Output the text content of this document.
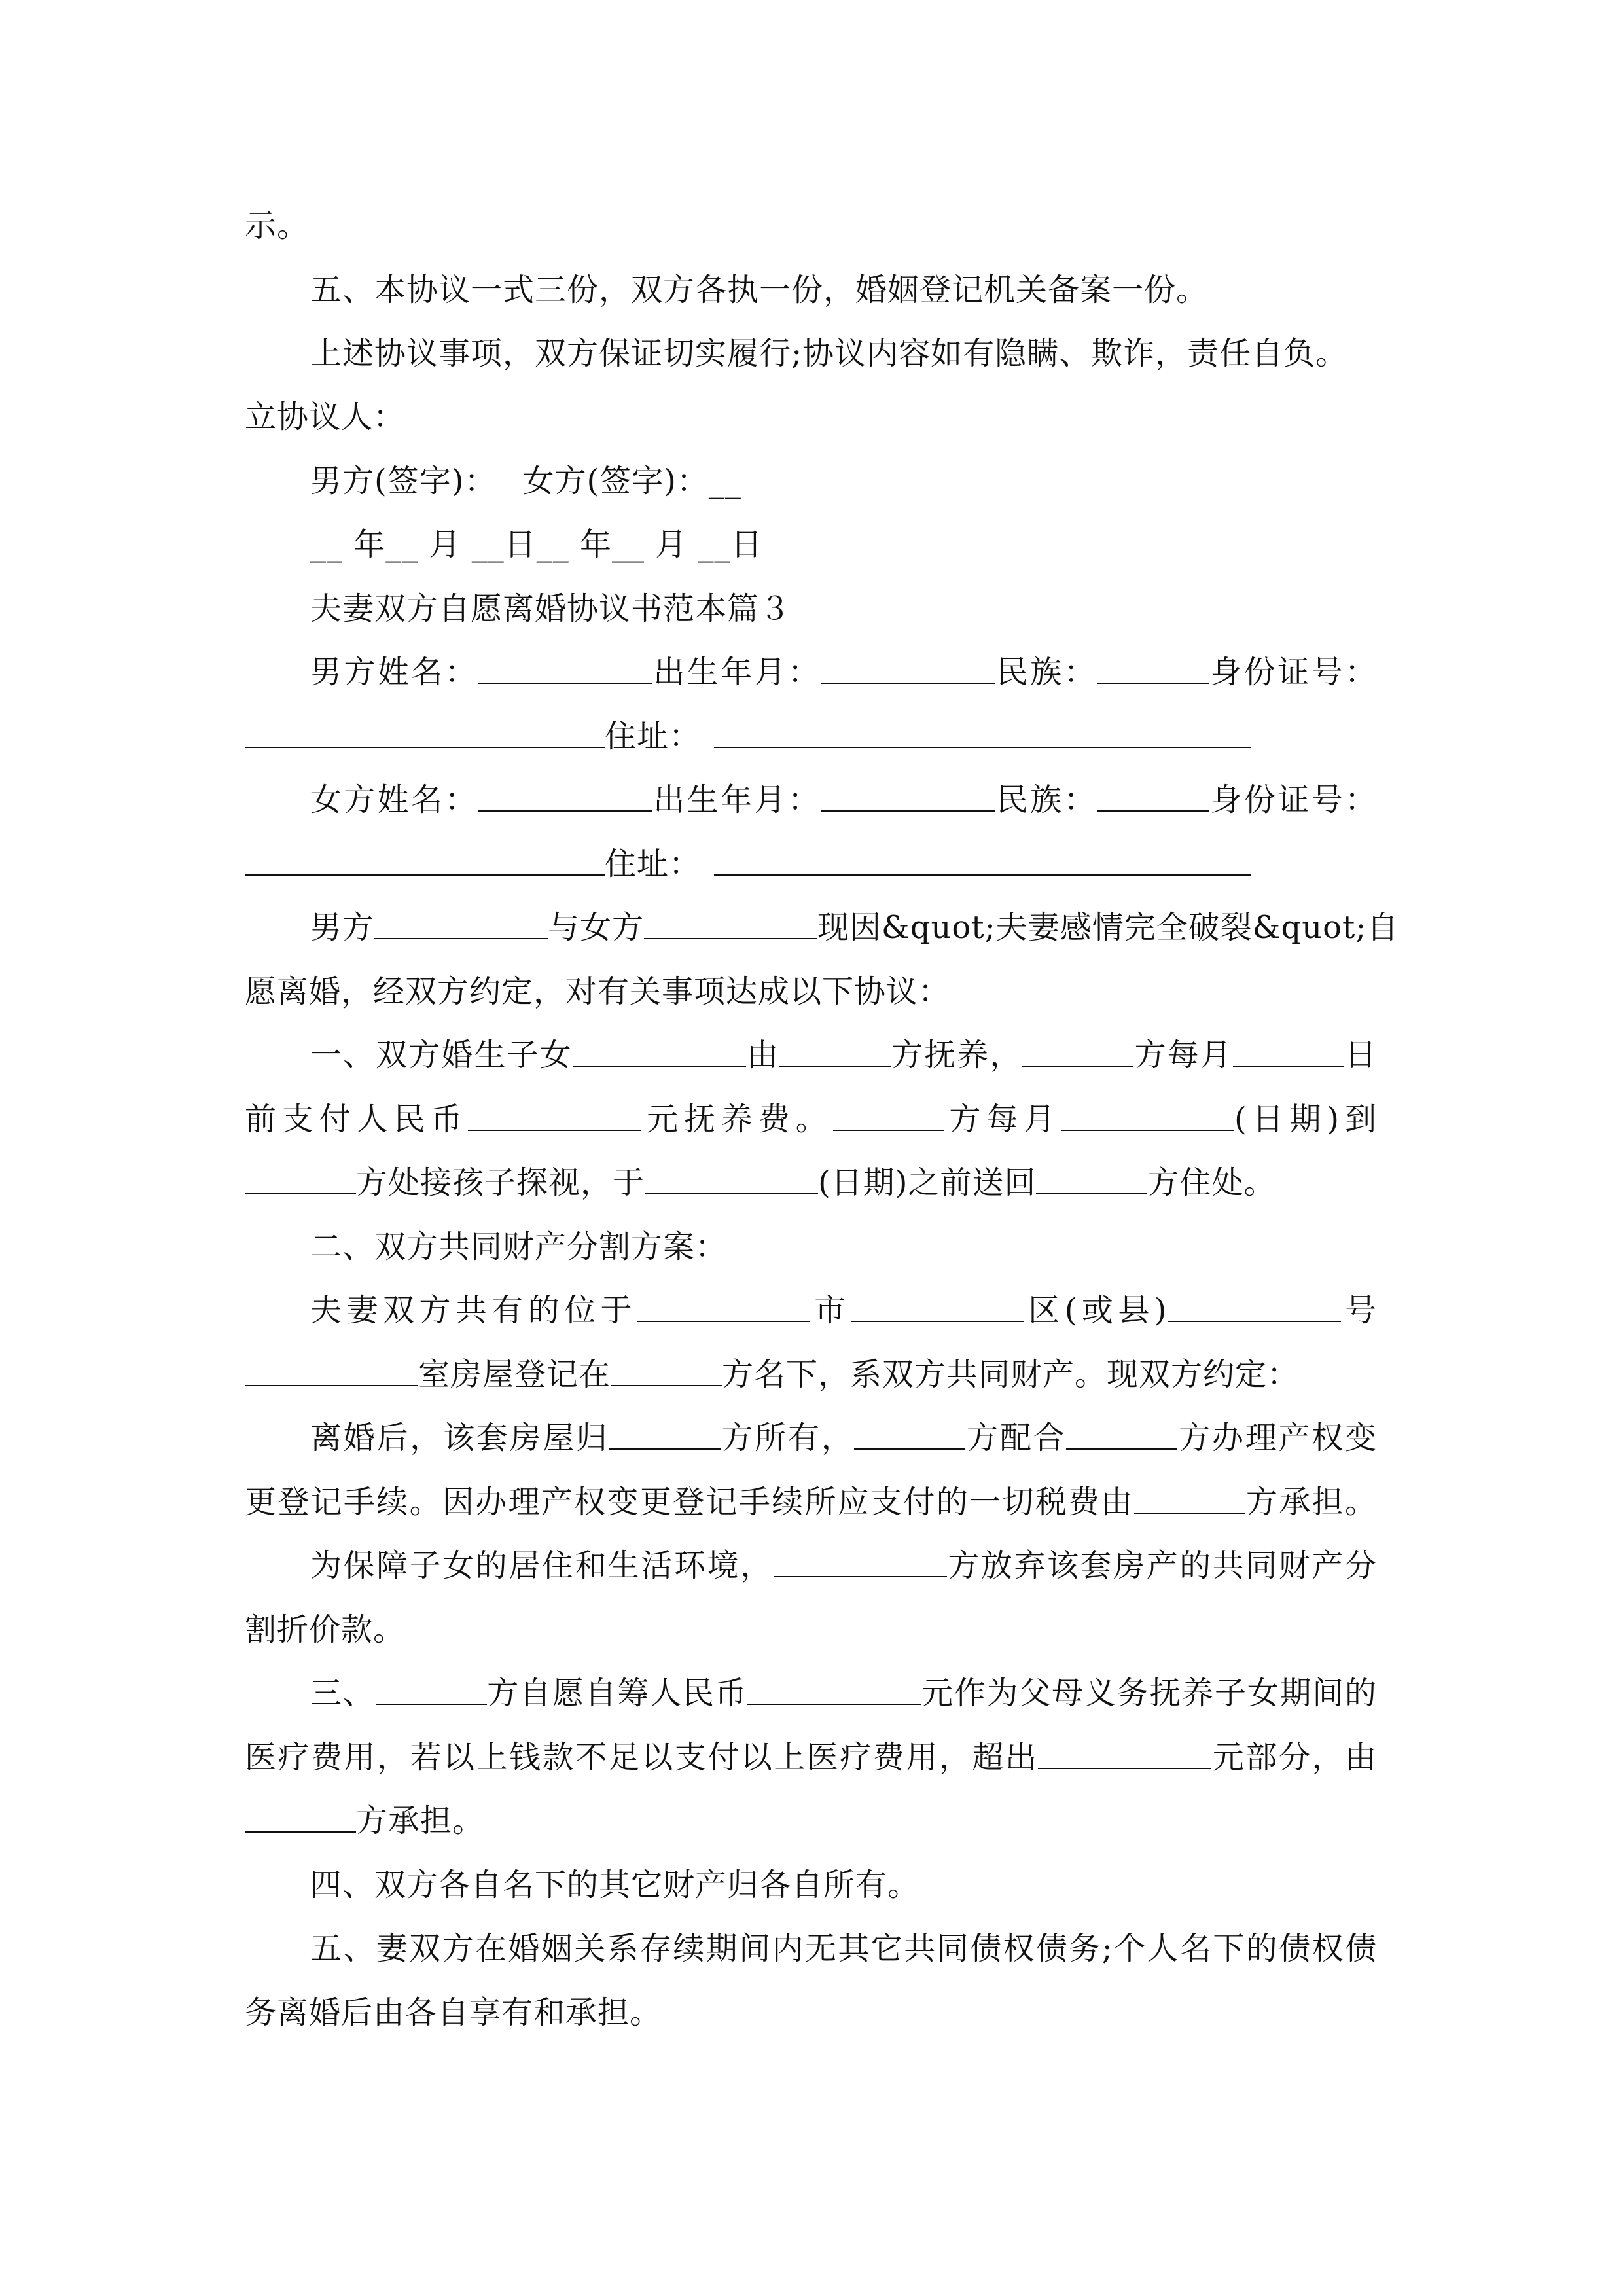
示。
五、本协议一式三份，双方各执一份，婚姻登记机关备案一份。
上述协议事项，双方保证切实履行;协议内容如有隐瞒、欺诈，责任自负。
立协议人：
男方(签字)： 女方(签字)：__
__ 年__ 月 __日__ 年__ 月 __日
夫妻双方自愿离婚协议书范本篇３
男方姓名：	出生年月：	民族：	身份证号：
住址：
女方姓名：	出生年月：	民族：	身份证号：
住址：
男方	与女方	现因&quot;夫妻感情完全破裂&quot;自
愿离婚，经双方约定，对有关事项达成以下协议：
一、双方婚生子女	由	方抚养，	方每月	日
前支付人民币	元抚养费。	方每月	(日期)到
方处接孩子探视，于	(日期)之前送回	方住处。
二、双方共同财产分割方案：
夫妻双方共有的位于	市	区(或县)	号
室房屋登记在	方名下，系双方共同财产。现双方约定：
离婚后，该套房屋归	方所有，	方配合	方办理产权变
更登记手续。因办理产权变更登记手续所应支付的一切税费由	方承担。
为保障子女的居住和生活环境，	方放弃该套房产的共同财产分
割折价款。
三、	方自愿自筹人民币	元作为父母义务抚养子女期间的
医疗费用，若以上钱款不足以支付以上医疗费用，超出	元部分，由
方承担。
四、双方各自名下的其它财产归各自所有。
五、妻双方在婚姻关系存续期间内无其它共同债权债务;个人名下的债权债
务离婚后由各自享有和承担。
